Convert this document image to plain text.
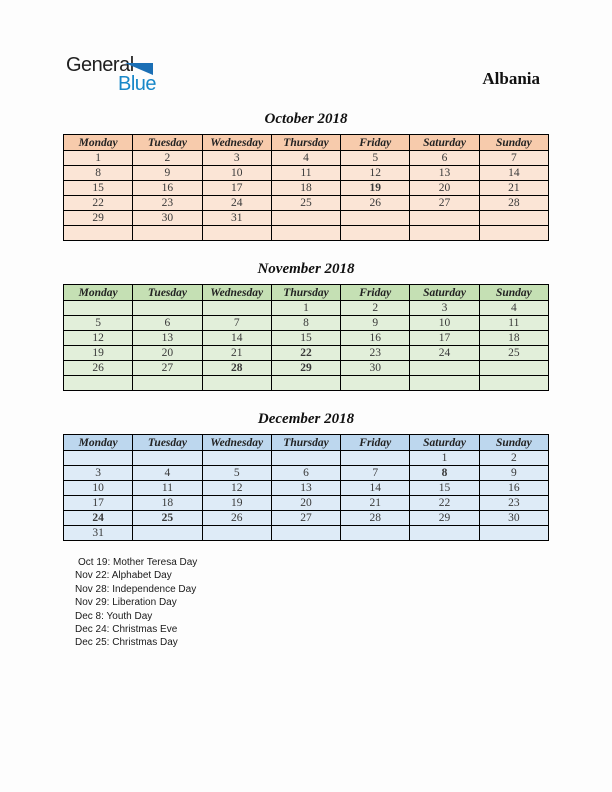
General
Blue	Albania
October 2018
Monday	Tuesday	Wednesday	Thursday	Friday	Saturday	Sunday
1	2	3	4	5	6	7
8	9	10	11	12	13	14
15	16	17	18	19	20	21
22	23	24	25	26	27	28
29	30	31				

November 2018
Monday	Tuesday	Wednesday	Thursday	Friday	Saturday	Sunday
			1	2	3	4
5	6	7	8	9	10	11
12	13	14	15	16	17	18
19	20	21	22	23	24	25
26	27	28	29	30		

December 2018
Monday	Tuesday	Wednesday	Thursday	Friday	Saturday	Sunday
					1	2
3	4	5	6	7	8	9
10	11	12	13	14	15	16
17	18	19	20	21	22	23
24	25	26	27	28	29	30
31						
Oct 19: Mother Teresa Day
Nov 22: Alphabet Day
Nov 28: Independence Day
Nov 29: Liberation Day
Dec 8: Youth Day
Dec 24: Christmas Eve
Dec 25: Christmas Day
